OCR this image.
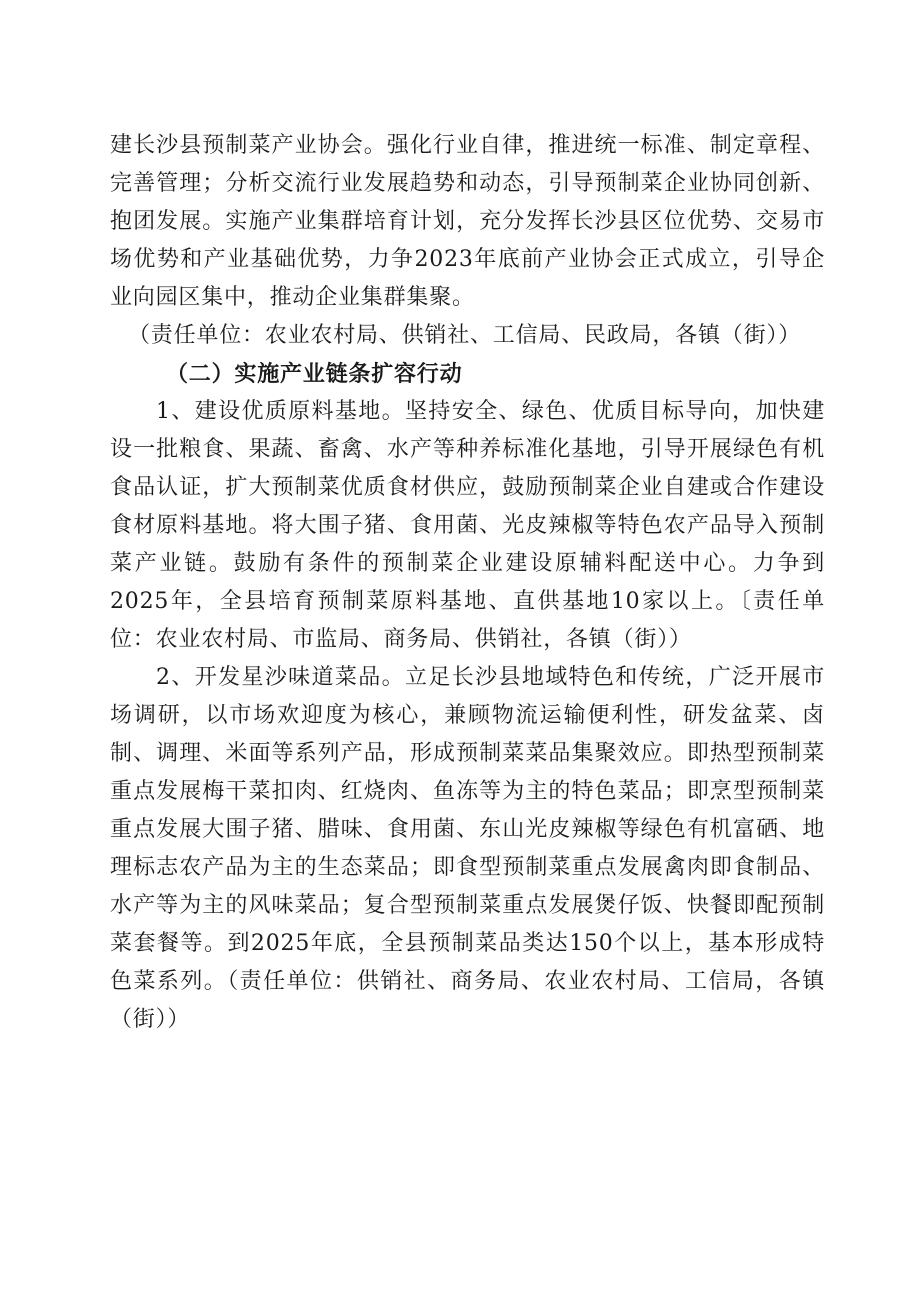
建长沙县预制菜产业协会。强化行业自律，推进统一标准、制定章程、完善管理；分析交流行业发展趋势和动态，引导预制菜企业协同创新、抱团发展。实施产业集群培育计划，充分发挥长沙县区位优势、交易市场优势和产业基础优势，力争2023年底前产业协会正式成立，引导企业向园区集中，推动企业集群集聚。

（责任单位：农业农村局、供销社、工信局、民政局，各镇（街））

（二）实施产业链条扩容行动

1、建设优质原料基地。坚持安全、绿色、优质目标导向，加快建设一批粮食、果蔬、畜禽、水产等种养标准化基地，引导开展绿色有机食品认证，扩大预制菜优质食材供应，鼓励预制菜企业自建或合作建设食材原料基地。将大围子猪、食用菌、光皮辣椒等特色农产品导入预制菜产业链。鼓励有条件的预制菜企业建设原辅料配送中心。力争到2025年，全县培育预制菜原料基地、直供基地10家以上。〔责任单位：农业农村局、市监局、商务局、供销社，各镇（街））

2、开发星沙味道菜品。立足长沙县地域特色和传统，广泛开展市场调研，以市场欢迎度为核心，兼顾物流运输便利性，研发盆菜、卤制、调理、米面等系列产品，形成预制菜菜品集聚效应。即热型预制菜重点发展梅干菜扣肉、红烧肉、鱼冻等为主的特色菜品；即烹型预制菜重点发展大围子猪、腊味、食用菌、东山光皮辣椒等绿色有机富硒、地理标志农产品为主的生态菜品；即食型预制菜重点发展禽肉即食制品、水产等为主的风味菜品；复合型预制菜重点发展煲仔饭、快餐即配预制菜套餐等。到2025年底，全县预制菜品类达150个以上，基本形成特色菜系列。（责任单位：供销社、商务局、农业农村局、工信局，各镇（街））
